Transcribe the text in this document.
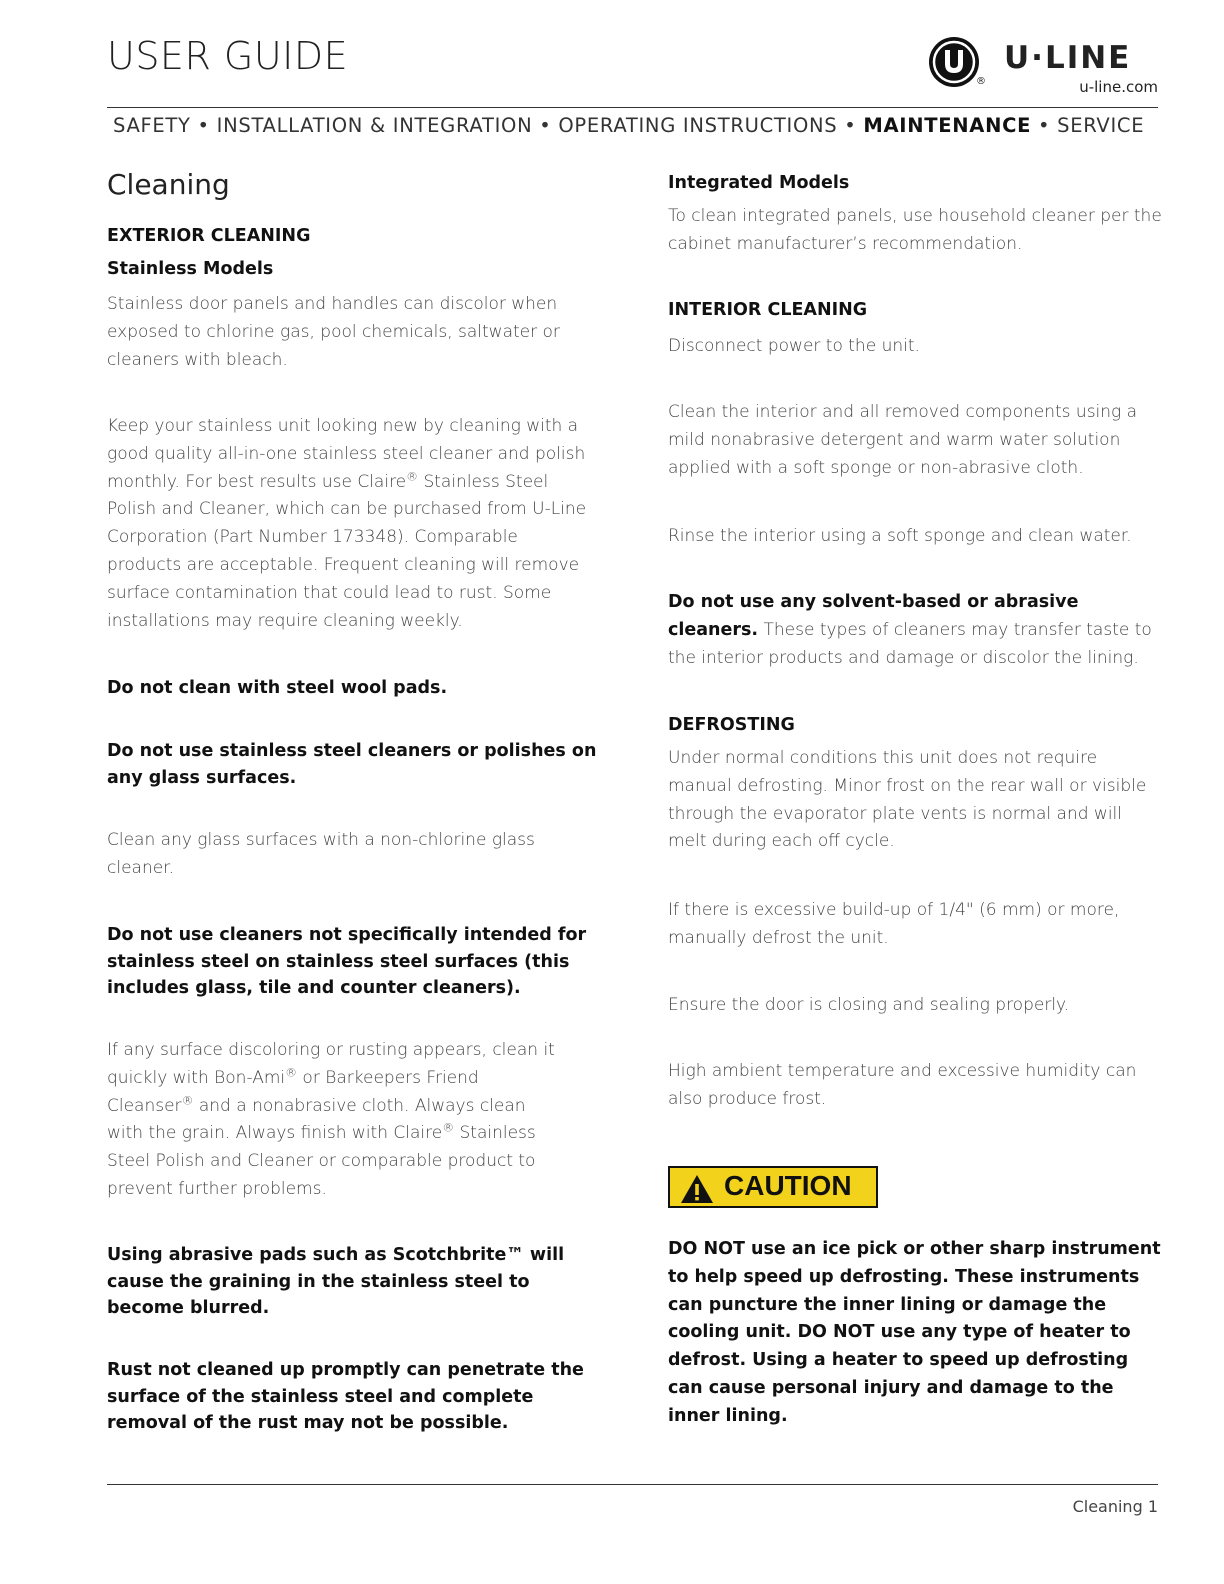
USER GUIDE
®
U·LINE
u-line.com
SAFETY • INSTALLATION & INTEGRATION • OPERATING INSTRUCTIONS • MAINTENANCE • SERVICE
Cleaning
EXTERIOR CLEANING
Stainless Models

Stainless door panels and handles can discolor when exposed to chlorine gas, pool chemicals, saltwater or cleaners with bleach.

Keep your stainless unit looking new by cleaning with a good quality all-in-one stainless steel cleaner and polish monthly. For best results use Claire® Stainless Steel Polish and Cleaner, which can be purchased from U-Line Corporation (Part Number 173348). Comparable products are acceptable. Frequent cleaning will remove surface contamination that could lead to rust. Some installations may require cleaning weekly.

Do not clean with steel wool pads.

Do not use stainless steel cleaners or polishes on any glass surfaces.

Clean any glass surfaces with a non-chlorine glass cleaner.

Do not use cleaners not specifically intended for stainless steel on stainless steel surfaces (this includes glass, tile and counter cleaners).

If any surface discoloring or rusting appears, clean it quickly with Bon-Ami® or Barkeepers Friend Cleanser® and a nonabrasive cloth. Always clean with the grain. Always finish with Claire® Stainless Steel Polish and Cleaner or comparable product to prevent further problems.

Using abrasive pads such as Scotchbrite™ will cause the graining in the stainless steel to become blurred.

Rust not cleaned up promptly can penetrate the surface of the stainless steel and complete removal of the rust may not be possible.

Integrated Models

To clean integrated panels, use household cleaner per the cabinet manufacturer’s recommendation.

INTERIOR CLEANING

Disconnect power to the unit.

Clean the interior and all removed components using a mild nonabrasive detergent and warm water solution applied with a soft sponge or non-abrasive cloth.

Rinse the interior using a soft sponge and clean water.

Do not use any solvent-based or abrasive cleaners. These types of cleaners may transfer taste to the interior products and damage or discolor the lining.

DEFROSTING

Under normal conditions this unit does not require manual defrosting. Minor frost on the rear wall or visible through the evaporator plate vents is normal and will melt during each off cycle.

If there is excessive build-up of 1/4" (6 mm) or more, manually defrost the unit.

Ensure the door is closing and sealing properly.

High ambient temperature and excessive humidity can also produce frost.

DO NOT use an ice pick or other sharp instrument to help speed up defrosting. These instruments can puncture the inner lining or damage the cooling unit. DO NOT use any type of heater to defrost. Using a heater to speed up defrosting can cause personal injury and damage to the inner lining.

CAUTION
Cleaning 1
